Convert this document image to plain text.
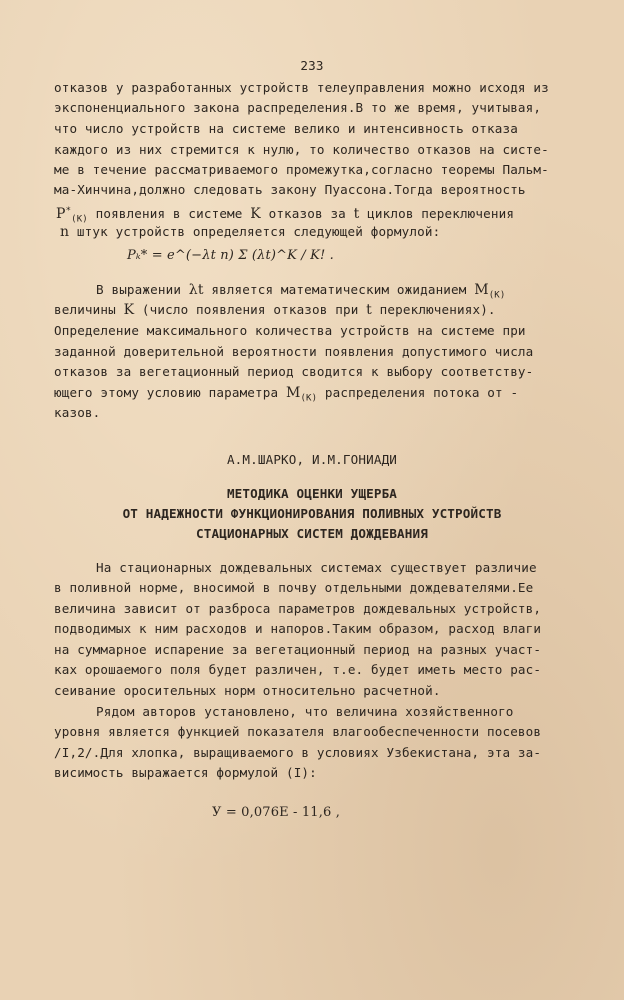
233
отказов у разработанных устройств телеуправления можно исходя из
экспоненциального закона распределения.В то же время, учитывая,
что число устройств на системе велико и интенсивность отказа
каждого из них стремится к нулю, то количество отказов на систе-
ме в течение рассматриваемого промежутка,согласно теоремы Пальм-
ма-Хинчина,должно следовать закону Пуассона.Тогда вероятность
$P^*_{(K)}$ появления в системе K отказов за t циклов переключения
n штук устройств определяется следующей формулой:
Pₖ* = e^(−λt n) Σ (λt)^K / K! .
В выражении λt является математическим ожиданием $M_{(K)}$
величины K (число появления отказов при t переключениях).
Определение максимального количества устройств на системе при
заданной доверительной вероятности появления допустимого числа
отказов за вегетационный период сводится к выбору соответству-
ющего этому условию параметра $M_{(K)}$ распределения потока от -
казов.
А.М.ШАРКО, И.М.ГОНИАДИ
МЕТОДИКА ОЦЕНКИ УЩЕРБА
ОТ НАДЕЖНОСТИ ФУНКЦИОНИРОВАНИЯ ПОЛИВНЫХ УСТРОЙСТВ
СТАЦИОНАРНЫХ СИСТЕМ ДОЖДЕВАНИЯ
На стационарных дождевальных системах существует различие
в поливной норме, вносимой в почву отдельными дождевателями.Ее
величина зависит от разброса параметров дождевальных устройств,
подводимых к ним расходов и напоров.Таким образом, расход влаги
на суммарное испарение за вегетационный период на разных участ-
ках орошаемого поля будет различен, т.е. будет иметь место рас-
сеивание оросительных норм относительно расчетной.
Рядом авторов установлено, что величина хозяйственного
уровня является функцией показателя влагообеспеченности посевов
/I,2/.Для хлопка, выращиваемого в условиях Узбекистана, эта за-
висимость выражается формулой (I):
У = 0,076Е - 11,6 ,
